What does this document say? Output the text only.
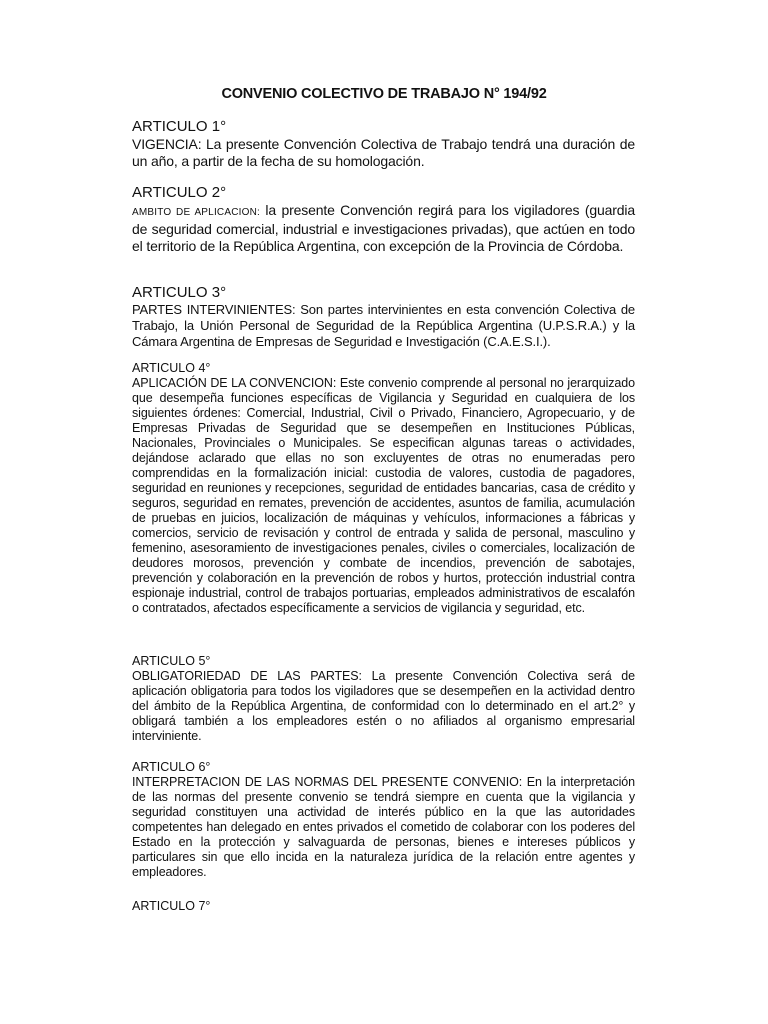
CONVENIO COLECTIVO DE TRABAJO N° 194/92

ARTICULO 1°

VIGENCIA: La presente Convención Colectiva de Trabajo tendrá una duración de un año, a partir de la fecha de su homologación.

ARTICULO 2°

AMBITO DE APLICACION: la presente Convención regirá para los vigiladores (guardia de seguridad comercial, industrial e investigaciones privadas), que actúen en todo el territorio de la República Argentina, con excepción de la Provincia de Córdoba.

ARTICULO 3°

PARTES INTERVINIENTES: Son partes intervinientes en esta convención Colectiva de Trabajo, la Unión Personal de Seguridad de la República Argentina (U.P.S.R.A.) y la Cámara Argentina de Empresas de Seguridad e Investigación (C.A.E.S.I.).

ARTICULO 4°

APLICACIÓN DE LA CONVENCION: Este convenio comprende al personal no jerarquizado que desempeña funciones específicas de Vigilancia y Seguridad en cualquiera de los siguientes órdenes: Comercial, Industrial, Civil o Privado, Financiero, Agropecuario, y de Empresas Privadas de Seguridad que se desempeñen en Instituciones Públicas, Nacionales, Provinciales o Municipales. Se especifican algunas tareas o actividades, dejándose aclarado que ellas no son excluyentes de otras no enumeradas pero comprendidas en la formalización inicial: custodia de valores, custodia de pagadores, seguridad en reuniones y recepciones, seguridad de entidades bancarias, casa de crédito y seguros, seguridad en remates, prevención de accidentes, asuntos de familia, acumulación de pruebas en juicios, localización de máquinas y vehículos, informaciones a fábricas y comercios, servicio de revisación y control de entrada y salida de personal, masculino y femenino, asesoramiento de investigaciones penales, civiles o comerciales, localización de deudores morosos, prevención y combate de incendios, prevención de sabotajes, prevención y colaboración en la prevención de robos y hurtos, protección industrial contra espionaje industrial, control de trabajos portuarias, empleados administrativos de escalafón o contratados, afectados específicamente a servicios de vigilancia y seguridad, etc.

ARTICULO 5°

OBLIGATORIEDAD DE LAS PARTES: La presente Convención Colectiva será de aplicación obligatoria para todos los vigiladores que se desempeñen en la actividad dentro del ámbito de la República Argentina, de conformidad con lo determinado en el art.2° y obligará también a los empleadores estén o no afiliados al organismo empresarial interviniente.

ARTICULO 6°

INTERPRETACION DE LAS NORMAS DEL PRESENTE CONVENIO: En la interpretación de las normas del presente convenio se tendrá siempre en cuenta que la vigilancia y seguridad constituyen una actividad de interés público en la que las autoridades competentes han delegado en entes privados el cometido de colaborar con los poderes del Estado en la protección y salvaguarda de personas, bienes e intereses públicos y particulares sin que ello incida en la naturaleza jurídica de la relación entre agentes y empleadores.

ARTICULO 7°
